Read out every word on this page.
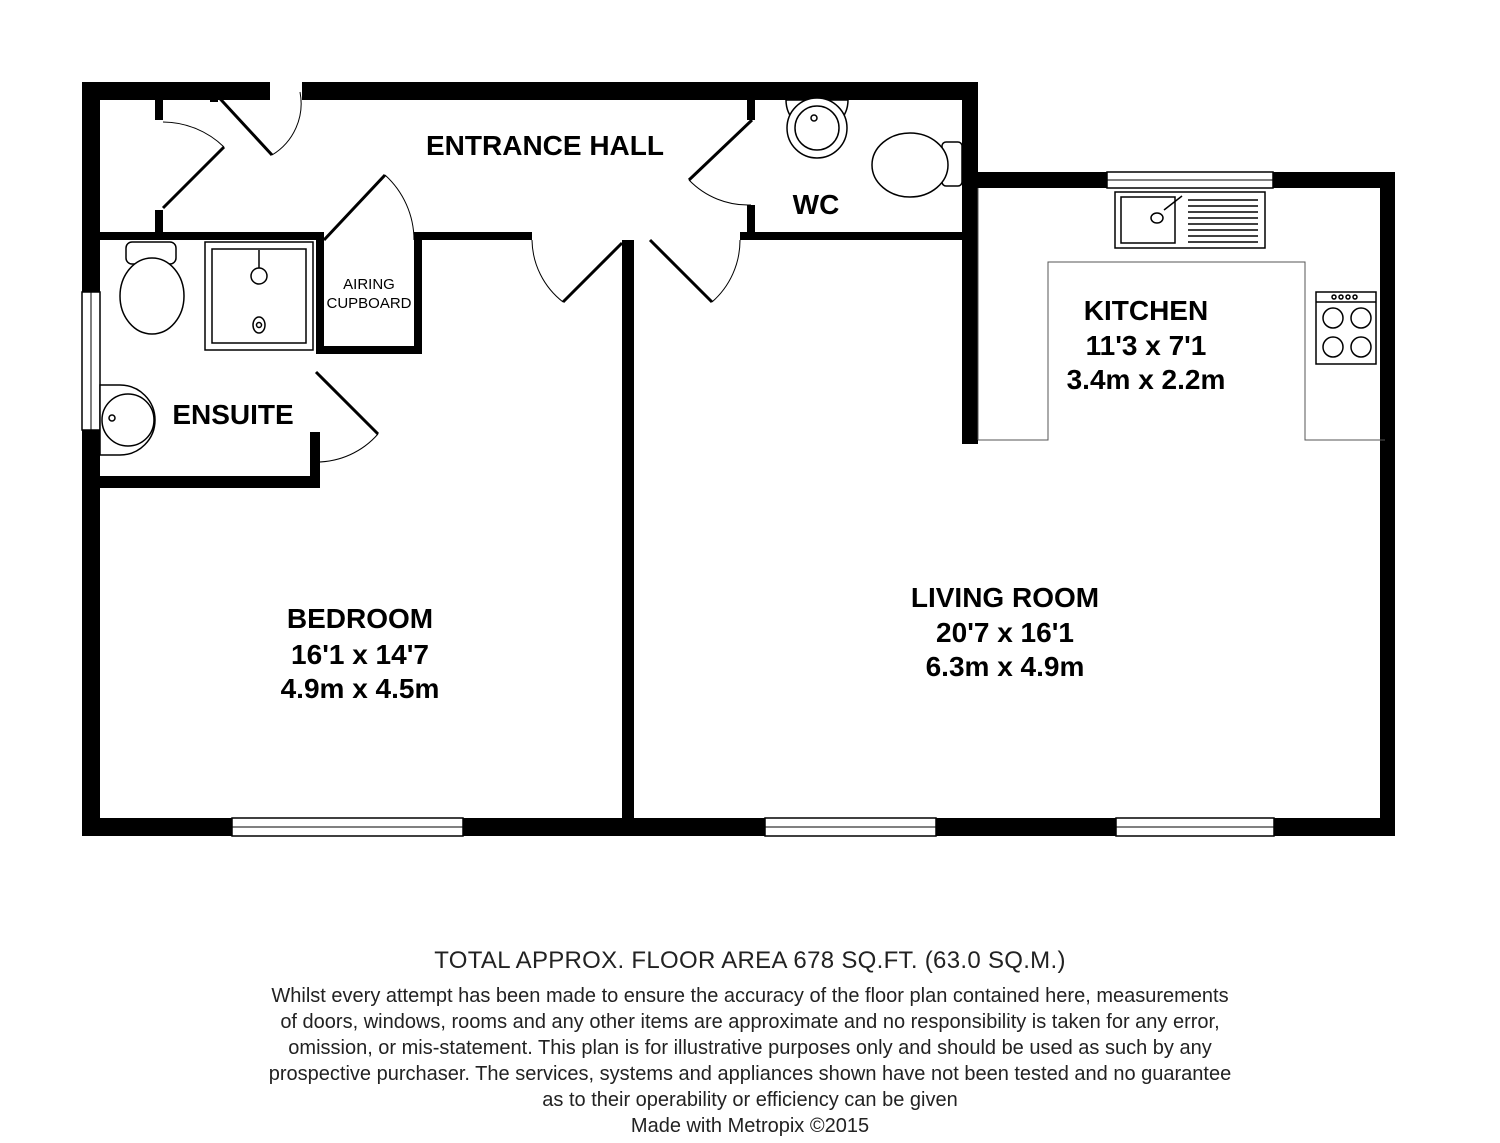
ENTRANCE HALL
WC
AIRING
CUPBOARD
ENSUITE
KITCHEN
11'3 x 7'1
3.4m x 2.2m
BEDROOM
16'1 x 14'7
4.9m x 4.5m
LIVING ROOM
20'7 x 16'1
6.3m x 4.9m
TOTAL APPROX. FLOOR AREA 678 SQ.FT. (63.0 SQ.M.)
Whilst every attempt has been made to ensure the accuracy of the floor plan contained here, measurements
of doors, windows, rooms and any other items are approximate and no responsibility is taken for any error,
omission, or mis-statement. This plan is for illustrative purposes only and should be used as such by any
prospective purchaser. The services, systems and appliances shown have not been tested and no guarantee
as to their operability or efficiency can be given
Made with Metropix ©2015
